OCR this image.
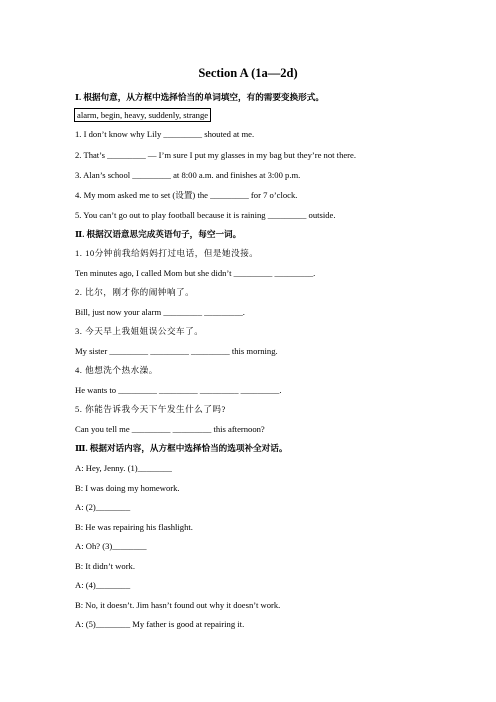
Section A (1a—2d)
Ⅰ. 根据句意，从方框中选择恰当的单词填空，有的需要变换形式。
alarm, begin, heavy, suddenly, strange
1. I don’t know why Lily _________ shouted at me.
2. That’s _________ — I’m sure I put my glasses in my bag but they’re not there.
3. Alan’s school _________ at 8:00 a.m. and finishes at 3:00 p.m.
4. My mom asked me to set (设置) the _________ for 7 o’clock.
5. You can’t go out to play football because it is raining _________ outside.
Ⅱ. 根据汉语意思完成英语句子，每空一词。
1. 10分钟前我给妈妈打过电话，但是她没接。
Ten minutes ago, I called Mom but she didn’t _________ _________.
2. 比尔，刚才你的闹钟响了。
Bill, just now your alarm _________ _________.
3. 今天早上我姐姐误公交车了。
My sister _________ _________ _________ this morning.
4. 他想洗个热水澡。
He wants to _________ _________ _________ _________.
5. 你能告诉我今天下午发生什么了吗?
Can you tell me _________ _________ this afternoon?
Ⅲ. 根据对话内容，从方框中选择恰当的选项补全对话。
A: Hey, Jenny. (1)________
B: I was doing my homework.
A: (2)________
B: He was repairing his flashlight.
A: Oh? (3)________
B: It didn’t work.
A: (4)________
B: No, it doesn’t. Jim hasn’t found out why it doesn’t work.
A: (5)________ My father is good at repairing it.
